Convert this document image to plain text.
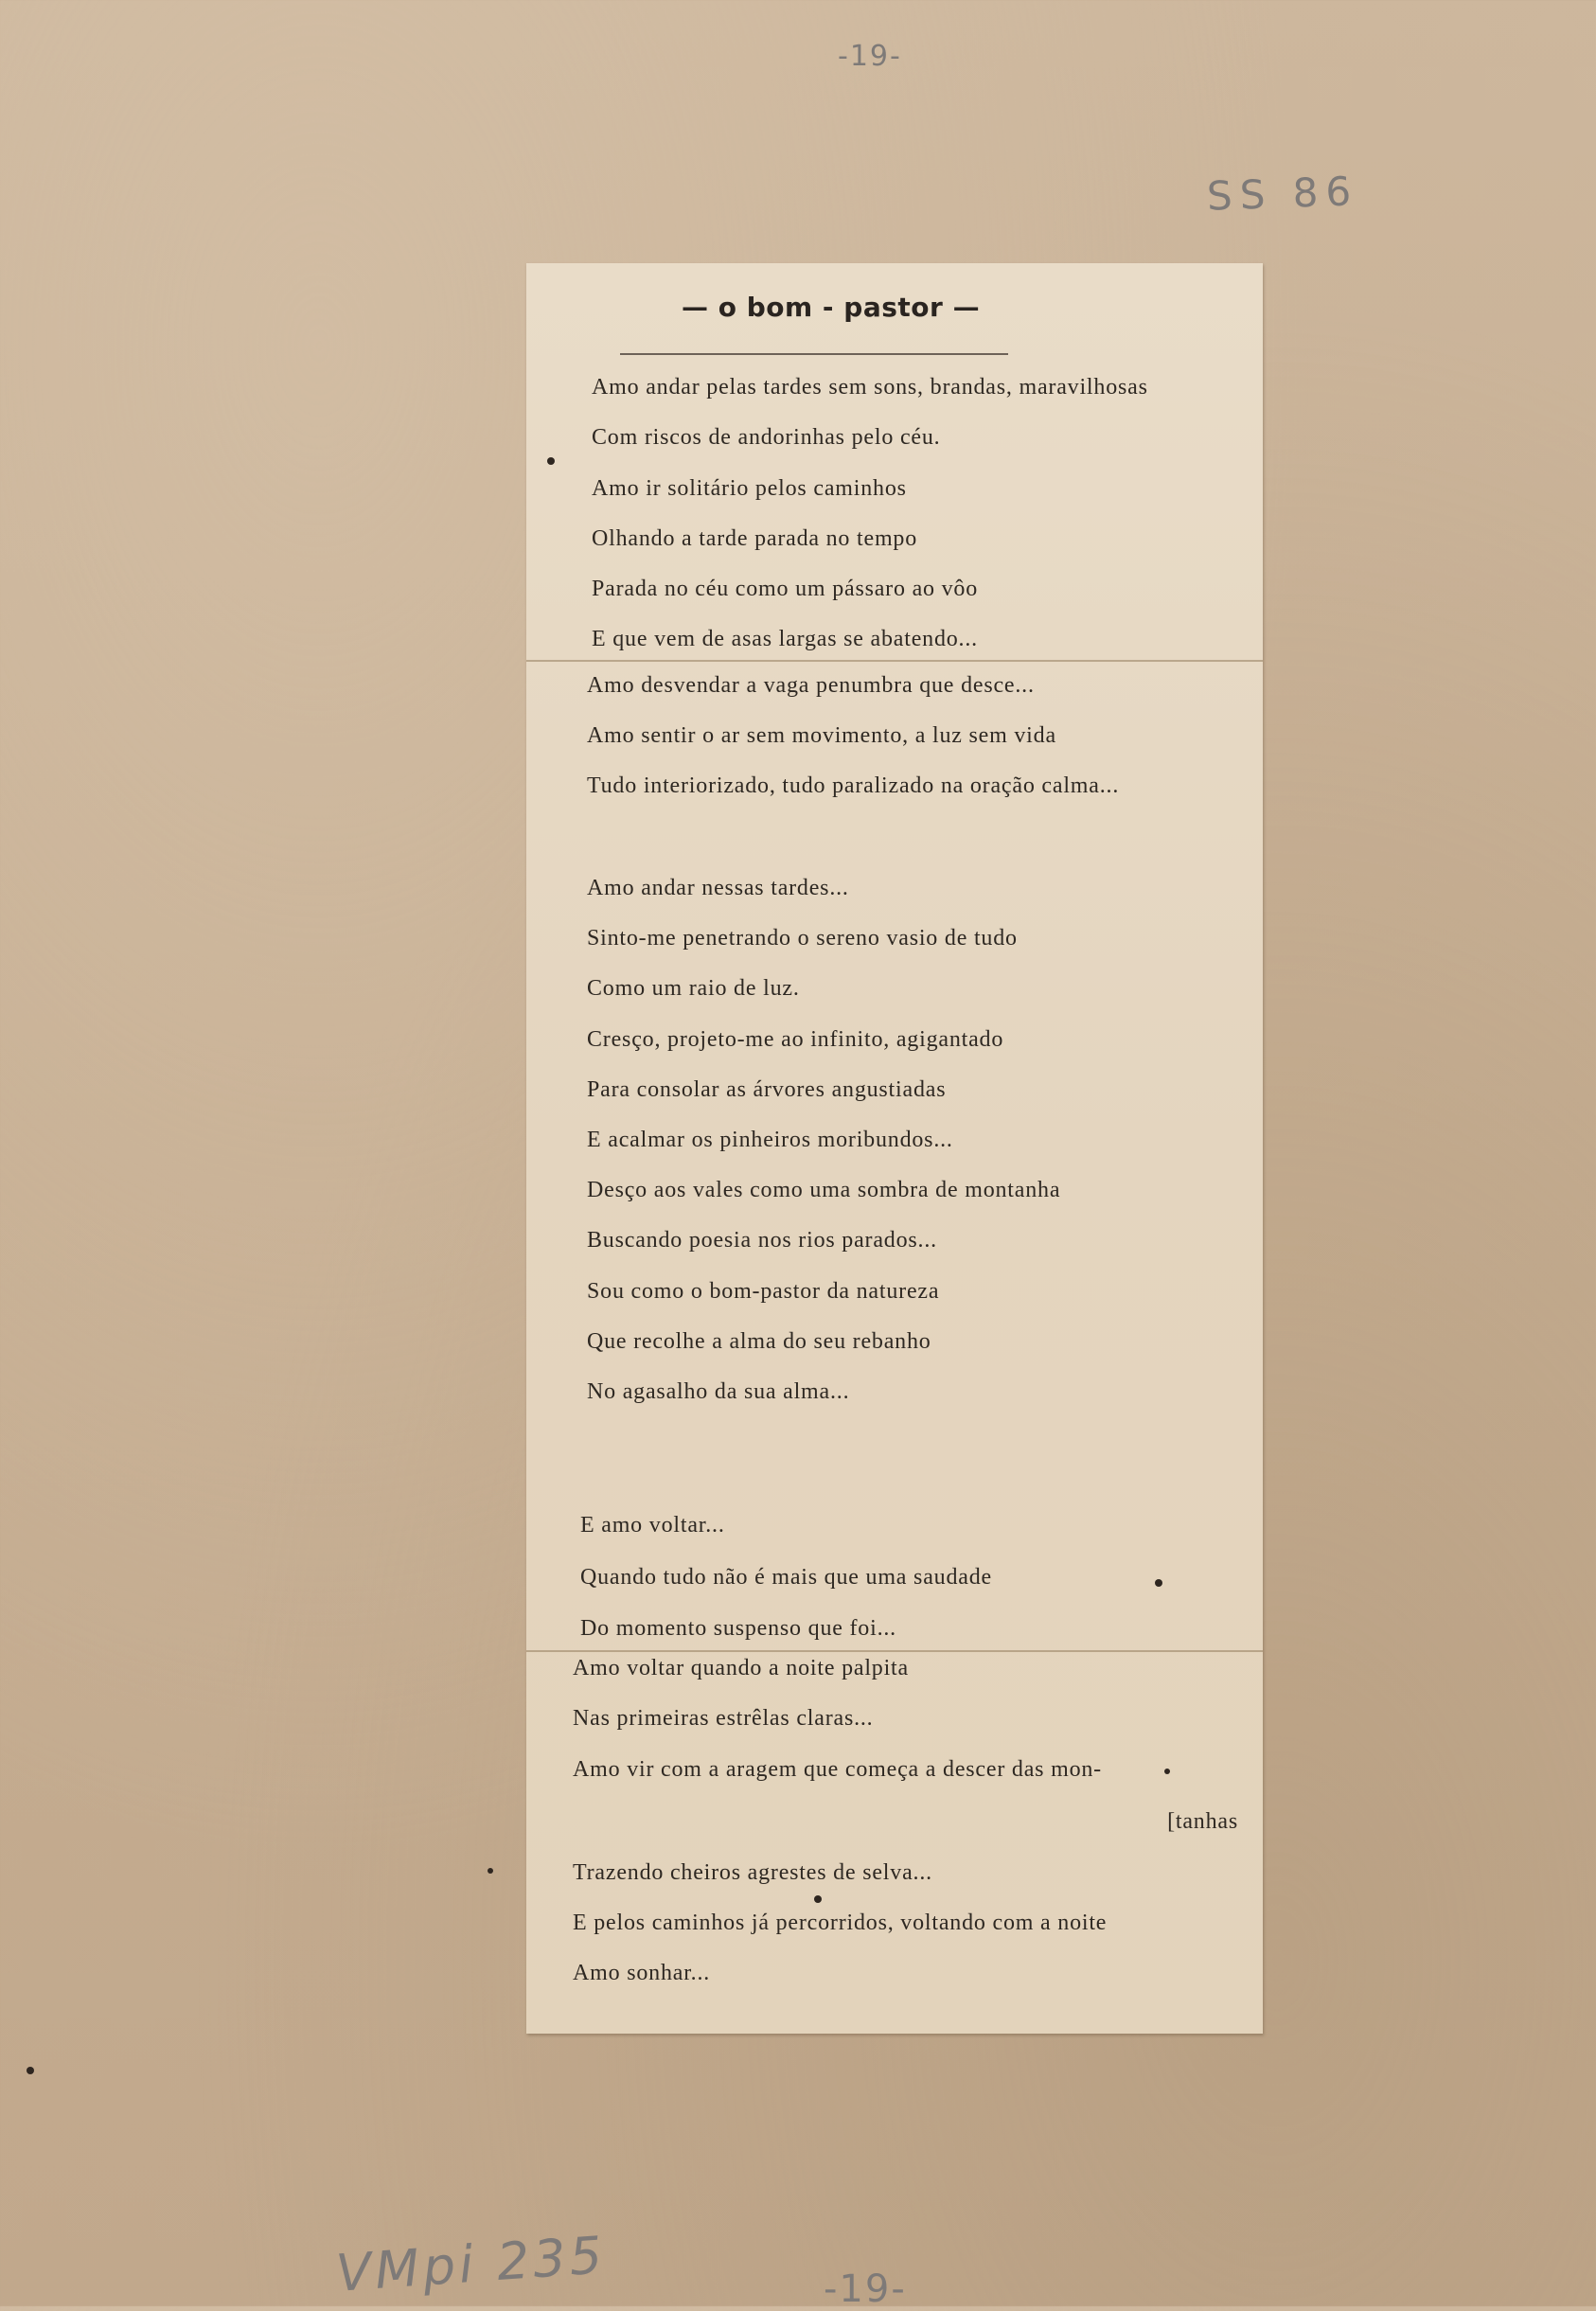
-19-
SS 86
— o bom - pastor —
Amo andar pelas tardes sem sons, brandas, maravilhosas
Com riscos de andorinhas pelo céu.
Amo ir solitário pelos caminhos
Olhando a tarde parada no tempo
Parada no céu como um pássaro ao vôo
E que vem de asas largas se abatendo...
Amo desvendar a vaga penumbra que desce...
Amo sentir o ar sem movimento, a luz sem vida
Tudo interiorizado, tudo paralizado na oração calma...
Amo andar nessas tardes...
Sinto-me penetrando o sereno vasio de tudo
Como um raio de luz.
Cresço, projeto-me ao infinito, agigantado
Para consolar as árvores angustiadas
E acalmar os pinheiros moribundos...
Desço aos vales como uma sombra de montanha
Buscando poesia nos rios parados...
Sou como o bom-pastor da natureza
Que recolhe a alma do seu rebanho
No agasalho da sua alma...
E amo voltar...
Quando tudo não é mais que uma saudade
Do momento suspenso que foi...
Amo voltar quando a noite palpita
Nas primeiras estrêlas claras...
Amo vir com a aragem que começa a descer das mon-
[tanhas
Trazendo cheiros agrestes de selva...
E pelos caminhos já percorridos, voltando com a noite
Amo sonhar...
VMpi 235	-19-
